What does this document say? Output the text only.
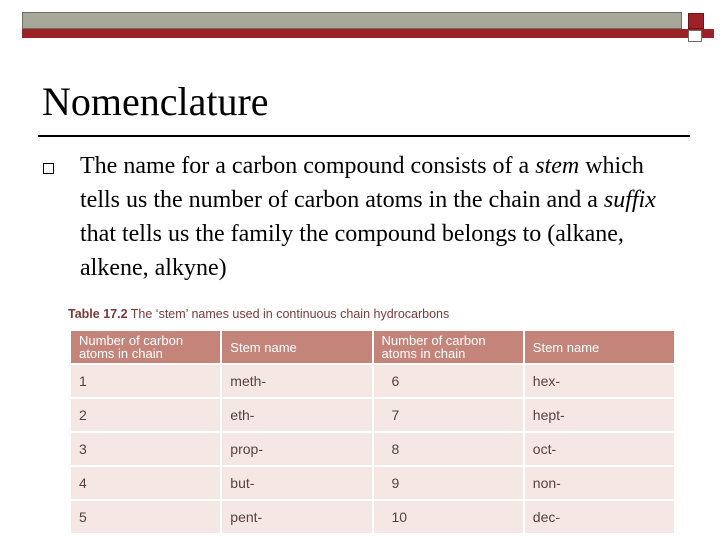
Nomenclature

The name for a carbon compound consists of a stem which tells us the number of carbon atoms in the chain and a suffix that tells us the family the compound belongs to (alkane, alkene, alkyne)

Table 17.2 The ‘stem’ names used in continuous chain hydrocarbons
Number of carbon atoms in chain	Stem name	Number of carbon atoms in chain	Stem name
1	meth-	6	hex-
2	eth-	7	hept-
3	prop-	8	oct-
4	but-	9	non-
5	pent-	10	dec-
